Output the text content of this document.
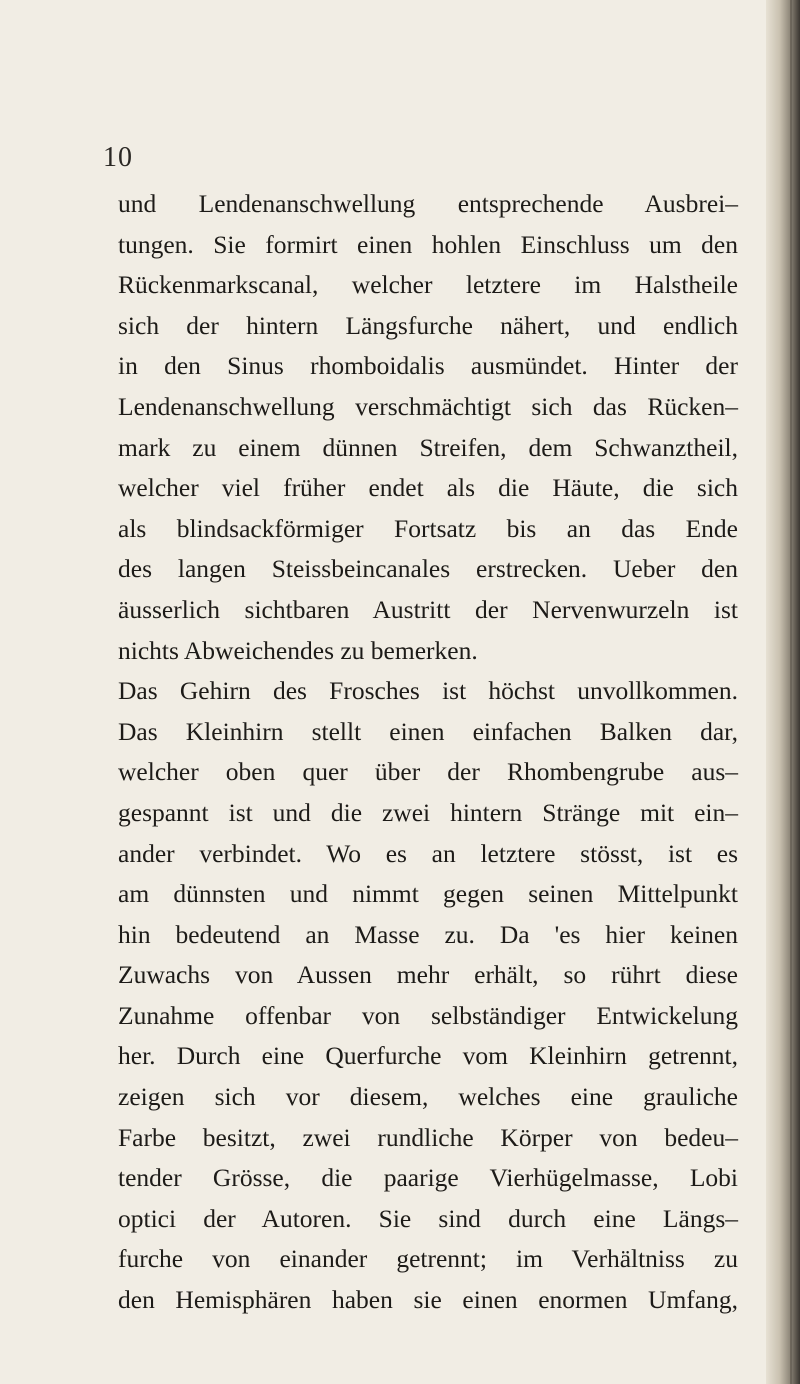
10
und Lendenanschwellung entsprechende Ausbrei–
tungen. Sie formirt einen hohlen Einschluss um den
Rückenmarkscanal, welcher letztere im Halstheile
sich der hintern Längsfurche nähert, und endlich
in den Sinus rhomboidalis ausmündet. Hinter der
Lendenanschwellung verschmächtigt sich das Rücken–
mark zu einem dünnen Streifen, dem Schwanztheil,
welcher viel früher endet als die Häute, die sich
als blindsackförmiger Fortsatz bis an das Ende
des langen Steissbeincanales erstrecken. Ueber den
äusserlich sichtbaren Austritt der Nervenwurzeln ist
nichts Abweichendes zu bemerken.
Das Gehirn des Frosches ist höchst unvollkommen.
Das Kleinhirn stellt einen einfachen Balken dar,
welcher oben quer über der Rhombengrube aus–
gespannt ist und die zwei hintern Stränge mit ein–
ander verbindet. Wo es an letztere stösst, ist es
am dünnsten und nimmt gegen seinen Mittelpunkt
hin bedeutend an Masse zu. Da 'es hier keinen
Zuwachs von Aussen mehr erhält, so rührt diese
Zunahme offenbar von selbständiger Entwickelung
her. Durch eine Querfurche vom Kleinhirn getrennt,
zeigen sich vor diesem, welches eine grauliche
Farbe besitzt, zwei rundliche Körper von bedeu–
tender Grösse, die paarige Vierhügelmasse, Lobi
optici der Autoren. Sie sind durch eine Längs–
furche von einander getrennt; im Verhältniss zu
den Hemisphären haben sie einen enormen Umfang,
